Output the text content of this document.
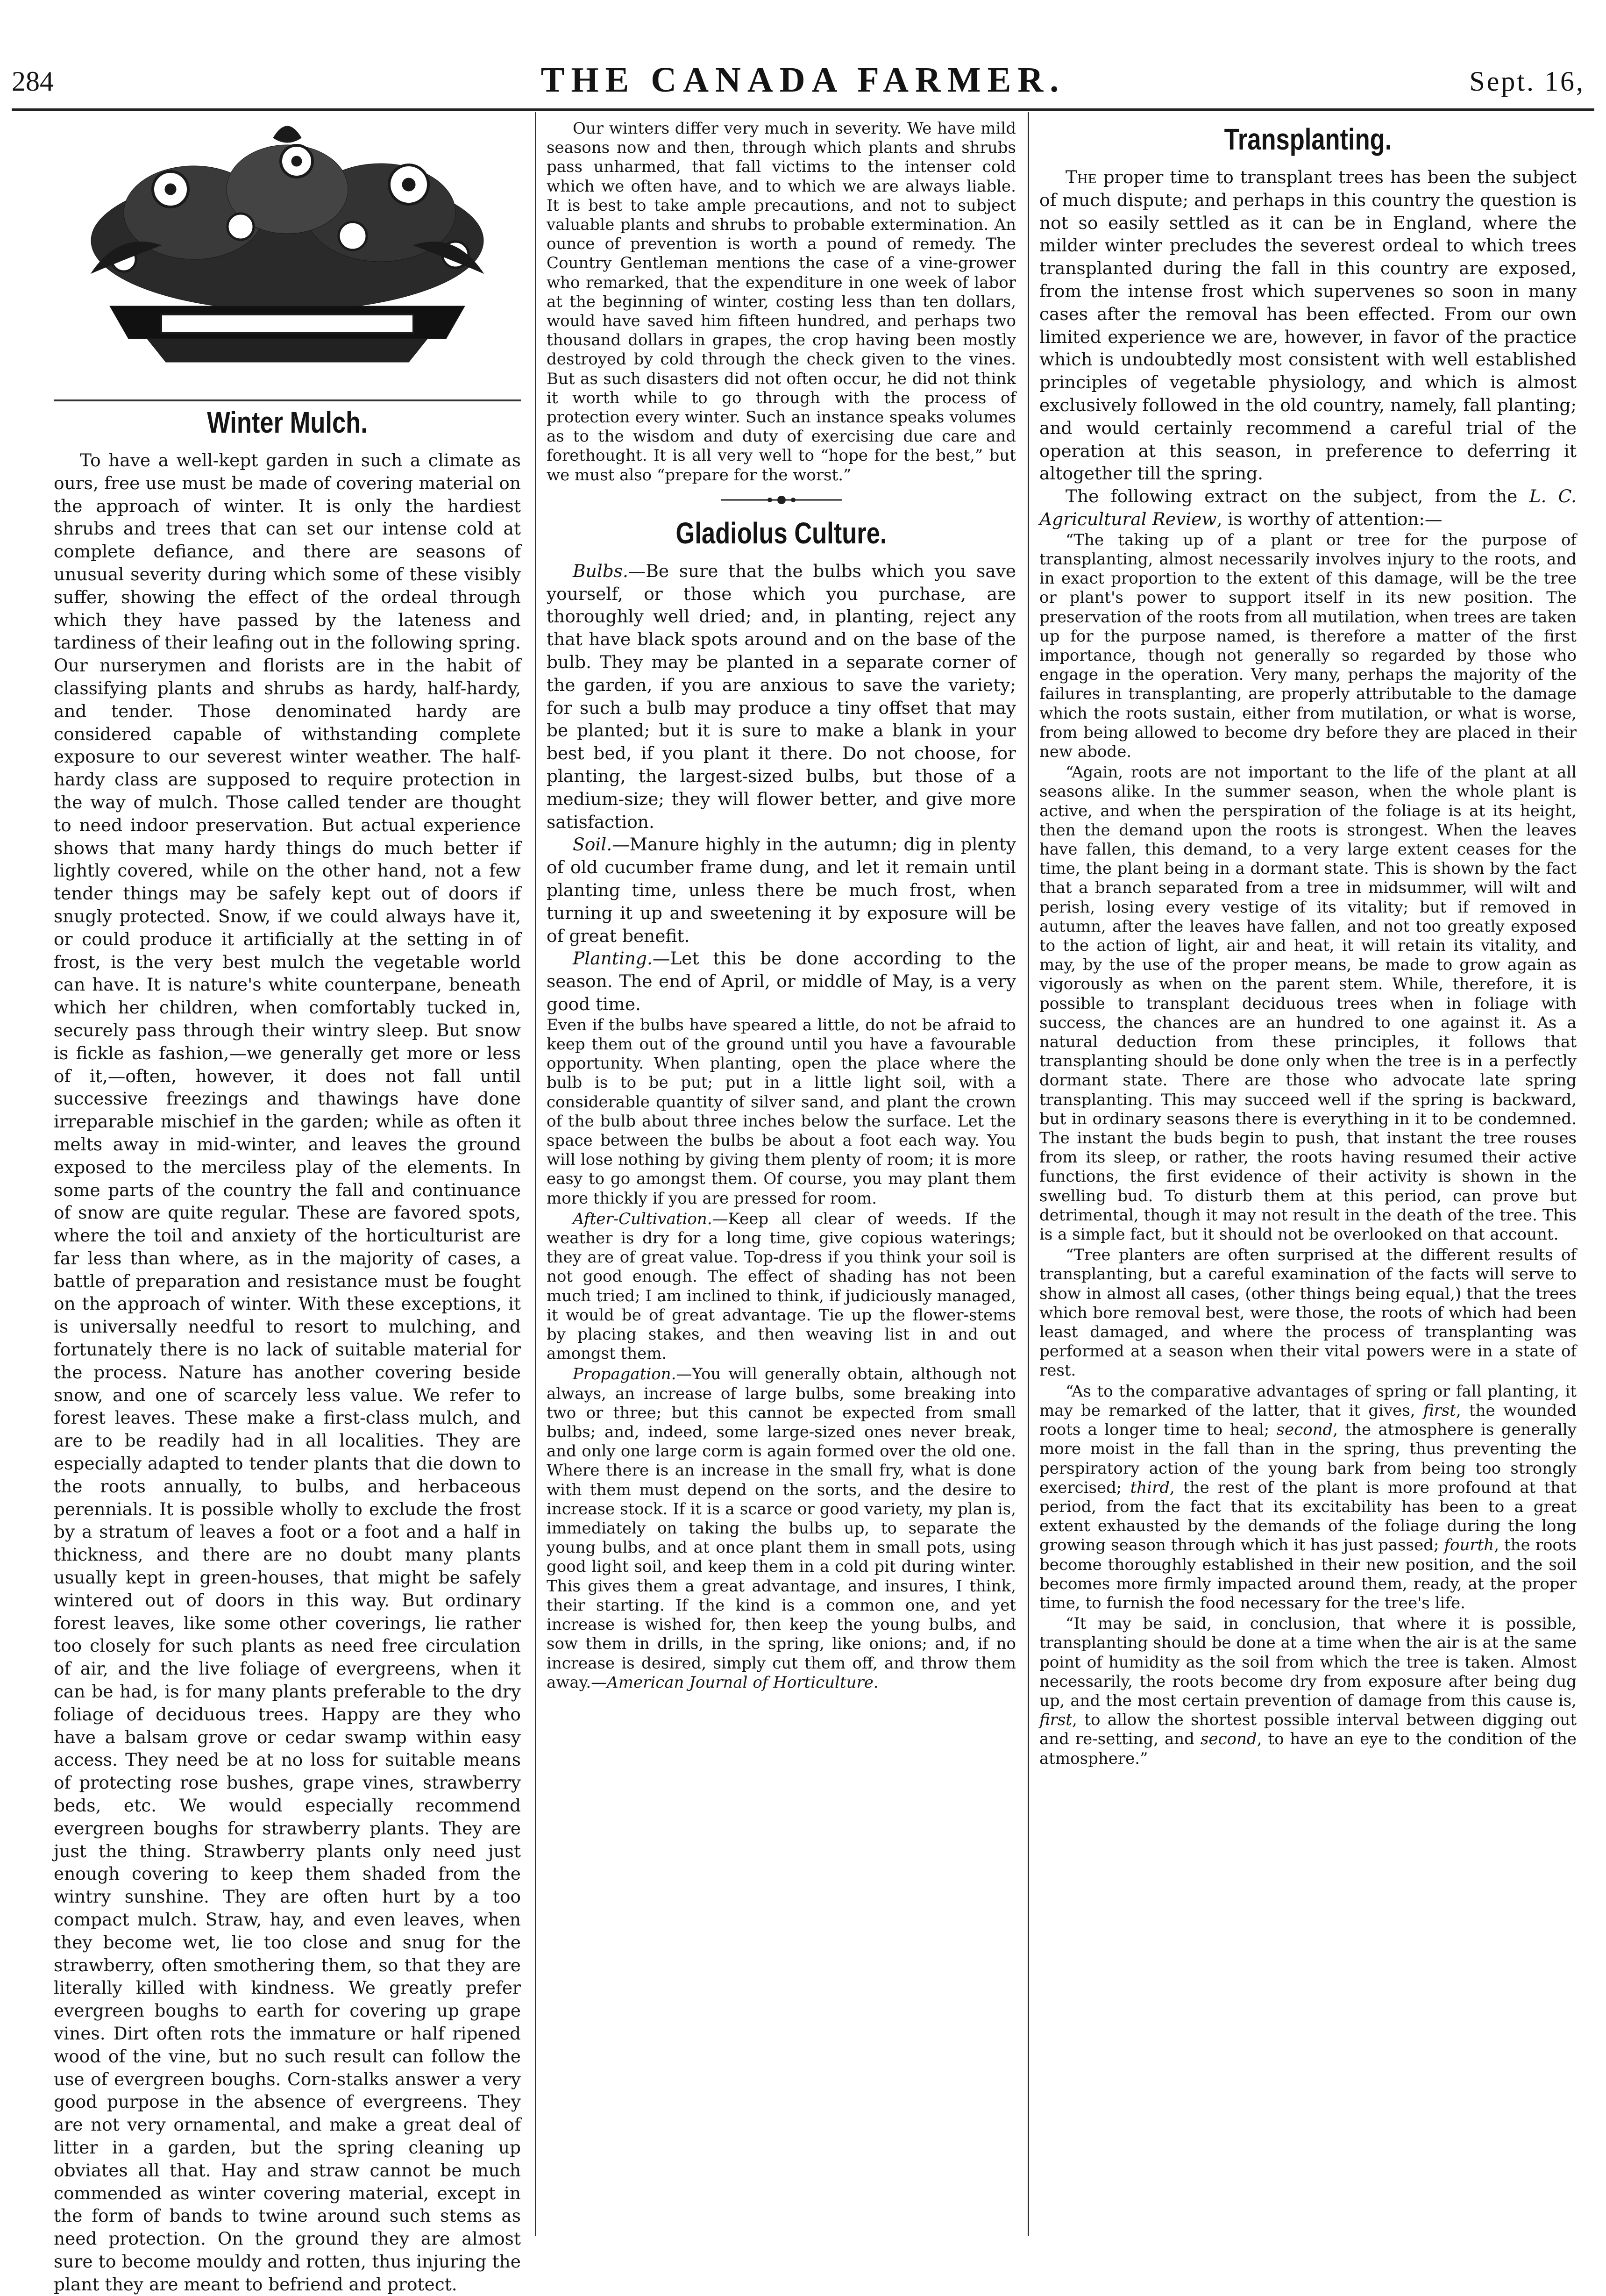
284	THE CANADA FARMER.	Sept. 16,
Winter Mulch.

To have a well-kept garden in such a climate as ours, free use must be made of covering material on the approach of winter. It is only the hardiest shrubs and trees that can set our intense cold at complete defiance, and there are seasons of unusual severity during which some of these visibly suffer, showing the effect of the ordeal through which they have passed by the lateness and tardiness of their leafing out in the following spring. Our nurserymen and florists are in the habit of classifying plants and shrubs as hardy, half-hardy, and tender. Those denominated hardy are considered capable of withstanding complete exposure to our severest winter weather. The half-hardy class are supposed to require protection in the way of mulch. Those called tender are thought to need indoor preservation. But actual experience shows that many hardy things do much better if lightly covered, while on the other hand, not a few tender things may be safely kept out of doors if snugly protected. Snow, if we could always have it, or could produce it artificially at the setting in of frost, is the very best mulch the vegetable world can have. It is nature's white counterpane, beneath which her children, when comfortably tucked in, securely pass through their wintry sleep. But snow is fickle as fashion,—we generally get more or less of it,—often, however, it does not fall until successive freezings and thawings have done irreparable mischief in the garden; while as often it melts away in mid-winter, and leaves the ground exposed to the merciless play of the elements. In some parts of the country the fall and continuance of snow are quite regular. These are favored spots, where the toil and anxiety of the horticulturist are far less than where, as in the majority of cases, a battle of preparation and resistance must be fought on the approach of winter. With these exceptions, it is universally needful to resort to mulching, and fortunately there is no lack of suitable material for the process. Nature has another covering beside snow, and one of scarcely less value. We refer to forest leaves. These make a first-class mulch, and are to be readily had in all localities. They are especially adapted to tender plants that die down to the roots annually, to bulbs, and herbaceous perennials. It is possible wholly to exclude the frost by a stratum of leaves a foot or a foot and a half in thickness, and there are no doubt many plants usually kept in green-houses, that might be safely wintered out of doors in this way. But ordinary forest leaves, like some other coverings, lie rather too closely for such plants as need free circulation of air, and the live foliage of evergreens, when it can be had, is for many plants preferable to the dry foliage of deciduous trees. Happy are they who have a balsam grove or cedar swamp within easy access. They need be at no loss for suitable means of protecting rose bushes, grape vines, strawberry beds, etc. We would especially recommend evergreen boughs for strawberry plants. They are just the thing. Strawberry plants only need just enough covering to keep them shaded from the wintry sunshine. They are often hurt by a too compact mulch. Straw, hay, and even leaves, when they become wet, lie too close and snug for the strawberry, often smothering them, so that they are literally killed with kindness. We greatly prefer evergreen boughs to earth for covering up grape vines. Dirt often rots the immature or half ripened wood of the vine, but no such result can follow the use of evergreen boughs. Corn-stalks answer a very good purpose in the absence of evergreens. They are not very ornamental, and make a great deal of litter in a garden, but the spring cleaning up obviates all that. Hay and straw cannot be much commended as winter covering material, except in the form of bands to twine around such stems as need protection. On the ground they are almost sure to become mouldy and rotten, thus injuring the plant they are meant to befriend and protect.

Our winters differ very much in severity. We have mild seasons now and then, through which plants and shrubs pass unharmed, that fall victims to the intenser cold which we often have, and to which we are always liable. It is best to take ample precautions, and not to subject valuable plants and shrubs to probable extermination. An ounce of prevention is worth a pound of remedy. The Country Gentleman mentions the case of a vine-grower who remarked, that the expenditure in one week of labor at the beginning of winter, costing less than ten dollars, would have saved him fifteen hundred, and perhaps two thousand dollars in grapes, the crop having been mostly destroyed by cold through the check given to the vines. But as such disasters did not often occur, he did not think it worth while to go through with the process of protection every winter. Such an instance speaks volumes as to the wisdom and duty of exercising due care and forethought. It is all very well to “hope for the best,” but we must also “prepare for the worst.”

Gladiolus Culture.

Bulbs.—Be sure that the bulbs which you save yourself, or those which you purchase, are thoroughly well dried; and, in planting, reject any that have black spots around and on the base of the bulb. They may be planted in a separate corner of the garden, if you are anxious to save the variety; for such a bulb may produce a tiny offset that may be planted; but it is sure to make a blank in your best bed, if you plant it there. Do not choose, for planting, the largest-sized bulbs, but those of a medium-size; they will flower better, and give more satisfaction.

Soil.—Manure highly in the autumn; dig in plenty of old cucumber frame dung, and let it remain until planting time, unless there be much frost, when turning it up and sweetening it by exposure will be of great benefit.

Planting.—Let this be done according to the season. The end of April, or middle of May, is a very good time.

Even if the bulbs have speared a little, do not be afraid to keep them out of the ground until you have a favourable opportunity. When planting, open the place where the bulb is to be put; put in a little light soil, with a considerable quantity of silver sand, and plant the crown of the bulb about three inches below the surface. Let the space between the bulbs be about a foot each way. You will lose nothing by giving them plenty of room; it is more easy to go amongst them. Of course, you may plant them more thickly if you are pressed for room.

After-Cultivation.—Keep all clear of weeds. If the weather is dry for a long time, give copious waterings; they are of great value. Top-dress if you think your soil is not good enough. The effect of shading has not been much tried; I am inclined to think, if judiciously managed, it would be of great advantage. Tie up the flower-stems by placing stakes, and then weaving list in and out amongst them.

Propagation.—You will generally obtain, although not always, an increase of large bulbs, some breaking into two or three; but this cannot be expected from small bulbs; and, indeed, some large-sized ones never break, and only one large corm is again formed over the old one. Where there is an increase in the small fry, what is done with them must depend on the sorts, and the desire to increase stock. If it is a scarce or good variety, my plan is, immediately on taking the bulbs up, to separate the young bulbs, and at once plant them in small pots, using good light soil, and keep them in a cold pit during winter. This gives them a great advantage, and insures, I think, their starting. If the kind is a common one, and yet increase is wished for, then keep the young bulbs, and sow them in drills, in the spring, like onions; and, if no increase is desired, simply cut them off, and throw them away.—American Journal of Horticulture.

Transplanting.

The proper time to transplant trees has been the subject of much dispute; and perhaps in this country the question is not so easily settled as it can be in England, where the milder winter precludes the severest ordeal to which trees transplanted during the fall in this country are exposed, from the intense frost which supervenes so soon in many cases after the removal has been effected. From our own limited experience we are, however, in favor of the practice which is undoubtedly most consistent with well established principles of vegetable physiology, and which is almost exclusively followed in the old country, namely, fall planting; and would certainly recommend a careful trial of the operation at this season, in preference to deferring it altogether till the spring.

The following extract on the subject, from the L. C. Agricultural Review, is worthy of attention:—

“The taking up of a plant or tree for the purpose of transplanting, almost necessarily involves injury to the roots, and in exact proportion to the extent of this damage, will be the tree or plant's power to support itself in its new position. The preservation of the roots from all mutilation, when trees are taken up for the purpose named, is therefore a matter of the first importance, though not generally so regarded by those who engage in the operation. Very many, perhaps the majority of the failures in transplanting, are properly attributable to the damage which the roots sustain, either from mutilation, or what is worse, from being allowed to become dry before they are placed in their new abode.

“Again, roots are not important to the life of the plant at all seasons alike. In the summer season, when the whole plant is active, and when the perspiration of the foliage is at its height, then the demand upon the roots is strongest. When the leaves have fallen, this demand, to a very large extent ceases for the time, the plant being in a dormant state. This is shown by the fact that a branch separated from a tree in midsummer, will wilt and perish, losing every vestige of its vitality; but if removed in autumn, after the leaves have fallen, and not too greatly exposed to the action of light, air and heat, it will retain its vitality, and may, by the use of the proper means, be made to grow again as vigorously as when on the parent stem. While, therefore, it is possible to transplant deciduous trees when in foliage with success, the chances are an hundred to one against it. As a natural deduction from these principles, it follows that transplanting should be done only when the tree is in a perfectly dormant state. There are those who advocate late spring transplanting. This may succeed well if the spring is backward, but in ordinary seasons there is everything in it to be condemned. The instant the buds begin to push, that instant the tree rouses from its sleep, or rather, the roots having resumed their active functions, the first evidence of their activity is shown in the swelling bud. To disturb them at this period, can prove but detrimental, though it may not result in the death of the tree. This is a simple fact, but it should not be overlooked on that account.

“Tree planters are often surprised at the different results of transplanting, but a careful examination of the facts will serve to show in almost all cases, (other things being equal,) that the trees which bore removal best, were those, the roots of which had been least damaged, and where the process of transplanting was performed at a season when their vital powers were in a state of rest.

“As to the comparative advantages of spring or fall planting, it may be remarked of the latter, that it gives, first, the wounded roots a longer time to heal; second, the atmosphere is generally more moist in the fall than in the spring, thus preventing the perspiratory action of the young bark from being too strongly exercised; third, the rest of the plant is more profound at that period, from the fact that its excitability has been to a great extent exhausted by the demands of the foliage during the long growing season through which it has just passed; fourth, the roots become thoroughly established in their new position, and the soil becomes more firmly impacted around them, ready, at the proper time, to furnish the food necessary for the tree's life.

“It may be said, in conclusion, that where it is possible, transplanting should be done at a time when the air is at the same point of humidity as the soil from which the tree is taken. Almost necessarily, the roots become dry from exposure after being dug up, and the most certain prevention of damage from this cause is, first, to allow the shortest possible interval between digging out and re-setting, and second, to have an eye to the condition of the atmosphere.”
